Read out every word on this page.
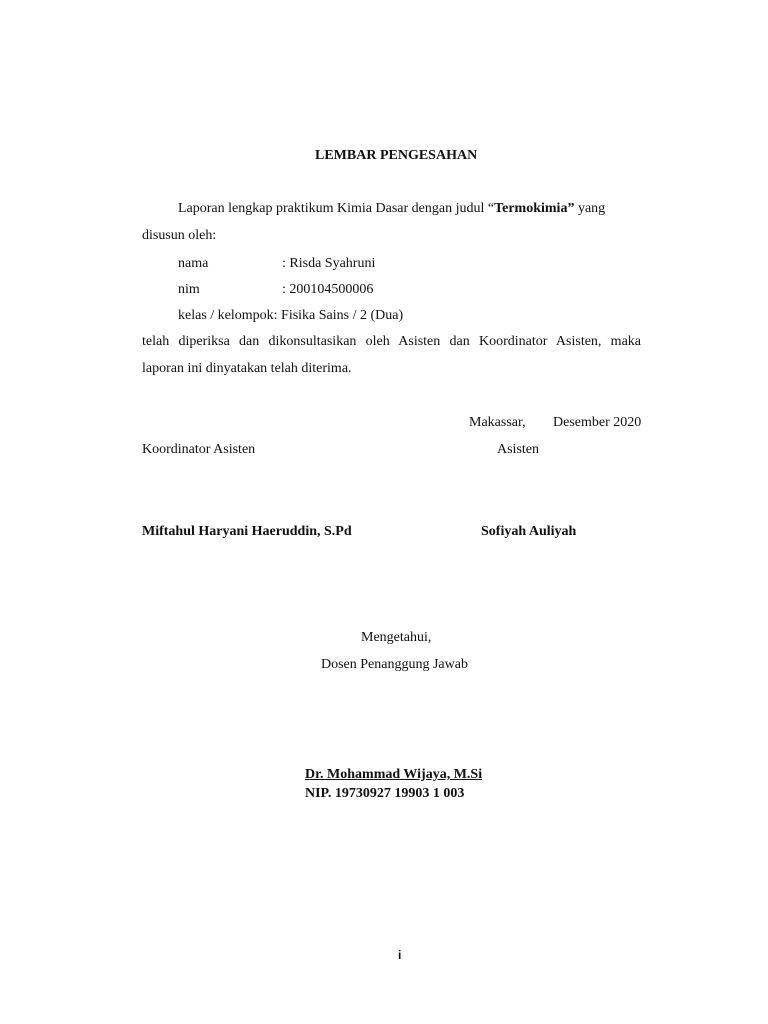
LEMBAR PENGESAHAN
Laporan lengkap praktikum Kimia Dasar dengan judul “Termokimia” yang
disusun oleh:
nama	: Risda Syahruni
nim	: 200104500006
kelas / kelompok: Fisika Sains / 2 (Dua)
telah diperiksa dan dikonsultasikan oleh Asisten dan Koordinator Asisten, maka
laporan ini dinyatakan telah diterima.
Makassar, Desember 2020
Koordinator Asisten	Asisten
Miftahul Haryani Haeruddin, S.Pd	Sofiyah Auliyah
Mengetahui,
Dosen Penanggung Jawab
Dr. Mohammad Wijaya, M.Si
NIP. 19730927 19903 1 003
i
